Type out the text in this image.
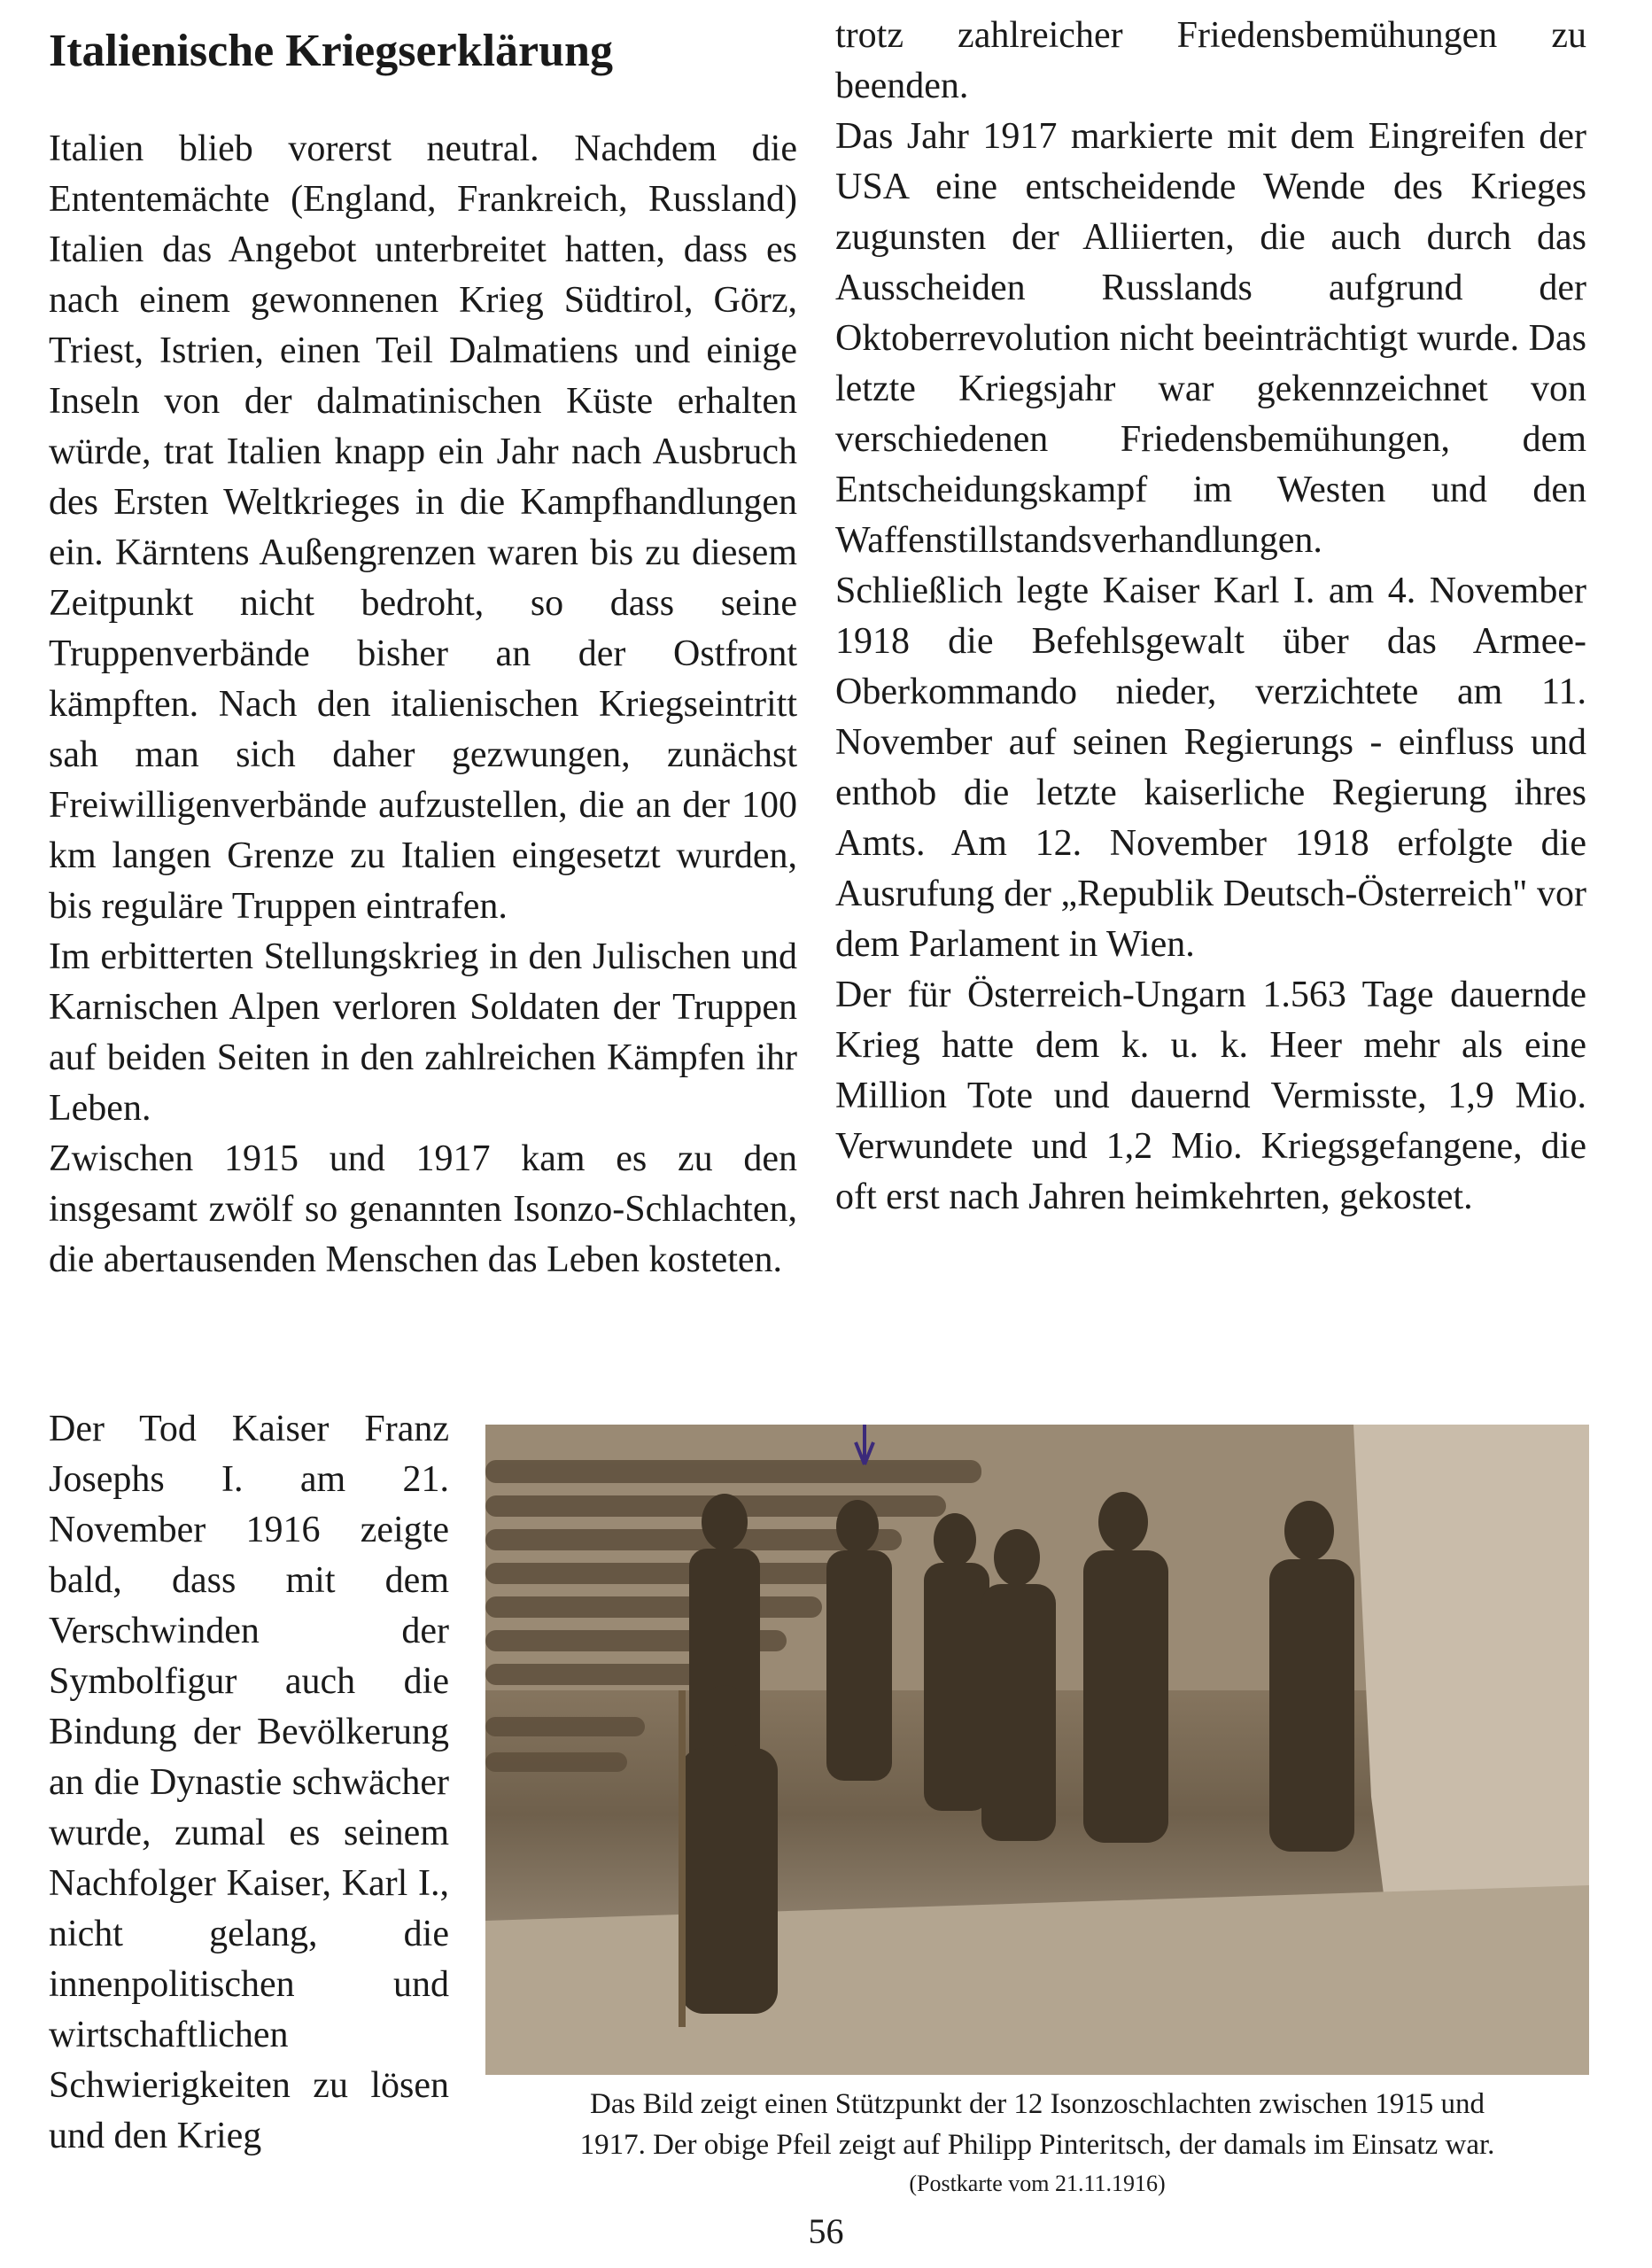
Italienische Kriegserklärung

Italien blieb vorerst neutral. Nachdem die Ententemächte (England, Frankreich, Russland) Italien das Angebot unterbreitet hatten, dass es nach einem gewonnenen Krieg Südtirol, Görz, Triest, Istrien, einen Teil Dalmatiens und einige Inseln von der dalmatinischen Küste erhalten würde, trat Italien knapp ein Jahr nach Ausbruch des Ersten Weltkrieges in die Kampfhandlungen ein. Kärntens Außengrenzen waren bis zu diesem Zeitpunkt nicht bedroht, so dass seine Truppenverbände bisher an der Ostfront kämpften. Nach den italienischen Kriegseintritt sah man sich daher gezwungen, zunächst Freiwilligenverbände aufzustellen, die an der 100 km langen Grenze zu Italien eingesetzt wurden, bis reguläre Truppen eintrafen.

Im erbitterten Stellungskrieg in den Julischen und Karnischen Alpen verloren Soldaten der Truppen auf beiden Seiten in den zahlreichen Kämpfen ihr Leben.

Zwischen 1915 und 1917 kam es zu den insgesamt zwölf so genannten Isonzo-Schlachten, die abertausenden Menschen das Leben kosteten.

Der Tod Kaiser Franz Josephs I. am 21. November 1916 zeigte bald, dass mit dem Verschwinden der Symbolfigur auch die Bindung der Bevölkerung an die Dynastie schwächer wurde, zumal es seinem Nachfolger Kaiser, Karl I., nicht gelang, die innenpolitischen und wirtschaftlichen Schwierigkeiten zu lösen und den Krieg

trotz zahlreicher Friedensbemühungen zu beenden.

Das Jahr 1917 markierte mit dem Eingreifen der USA eine entscheidende Wende des Krieges zugunsten der Alliierten, die auch durch das Ausscheiden Russlands aufgrund der Oktoberrevolution nicht beeinträchtigt wurde. Das letzte Kriegsjahr war gekennzeichnet von verschiedenen Friedensbemühungen, dem Entscheidungskampf im Westen und den Waffenstillstandsverhandlungen.

Schließlich legte Kaiser Karl I. am 4. November 1918 die Befehlsgewalt über das Armee-Oberkommando nieder, verzichtete am 11. November auf seinen Regierungs - einfluss und enthob die letzte kaiserliche Regierung ihres Amts. Am 12. November 1918 erfolgte die Ausrufung der „Republik Deutsch-Österreich" vor dem Parlament in Wien.

Der für Österreich-Ungarn 1.563 Tage dauernde Krieg hatte dem k. u. k. Heer mehr als eine Million Tote und dauernd Vermisste, 1,9 Mio. Verwundete und 1,2 Mio. Kriegsgefangene, die oft erst nach Jahren heimkehrten, gekostet.

Das Bild zeigt einen Stützpunkt der 12 Isonzoschlachten zwischen 1915 und

1917. Der obige Pfeil zeigt auf Philipp Pinteritsch, der damals im Einsatz war.

(Postkarte vom 21.11.1916)
56
